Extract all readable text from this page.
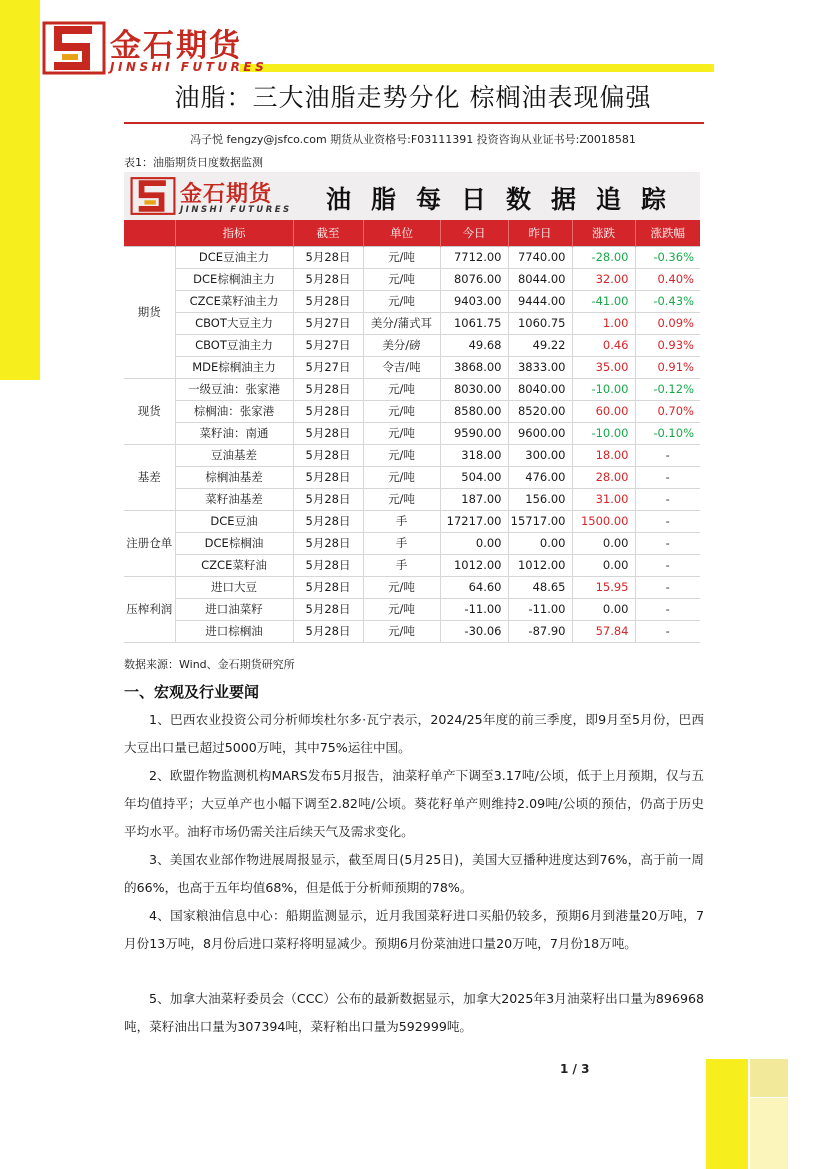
金石期货
JINSHI FUTURES
油脂：三大油脂走势分化 棕榈油表现偏强
冯子悦 fengzy@jsfco.com 期货从业资格号:F03111391 投资咨询从业证书号:Z0018581
表1：油脂期货日度数据监测
金石期货
JINSHI FUTURES 油脂每日数据追踪							

	指标	截至	单位	今日	昨日	涨跌	涨跌幅
期货	DCE豆油主力	5月28日	元/吨	7712.00	7740.00	-28.00	-0.36%
	DCE棕榈油主力	5月28日	元/吨	8076.00	8044.00	32.00	0.40%
	CZCE菜籽油主力	5月28日	元/吨	9403.00	9444.00	-41.00	-0.43%
	CBOT大豆主力	5月27日	美分/蒲式耳	1061.75	1060.75	1.00	0.09%
	CBOT豆油主力	5月27日	美分/磅	49.68	49.22	0.46	0.93%
	MDE棕榈油主力	5月27日	令吉/吨	3868.00	3833.00	35.00	0.91%
现货	一级豆油：张家港	5月28日	元/吨	8030.00	8040.00	-10.00	-0.12%
	棕榈油：张家港	5月28日	元/吨	8580.00	8520.00	60.00	0.70%
	菜籽油：南通	5月28日	元/吨	9590.00	9600.00	-10.00	-0.10%
基差	豆油基差	5月28日	元/吨	318.00	300.00	18.00	-
	棕榈油基差	5月28日	元/吨	504.00	476.00	28.00	-
	菜籽油基差	5月28日	元/吨	187.00	156.00	31.00	-
注册仓单	DCE豆油	5月28日	手	17217.00	15717.00	1500.00	-
	DCE棕榈油	5月28日	手	0.00	0.00	0.00	-
	CZCE菜籽油	5月28日	手	1012.00	1012.00	0.00	-
压榨利润	进口大豆	5月28日	元/吨	64.60	48.65	15.95	-
	进口油菜籽	5月28日	元/吨	-11.00	-11.00	0.00	-
	进口棕榈油	5月28日	元/吨	-30.06	-87.90	57.84	-
数据来源：Wind、金石期货研究所
一、宏观及行业要闻
1、巴西农业投资公司分析师埃杜尔多·瓦宁表示，2024/25年度的前三季度，即9月至5月份，巴西大豆出口量已超过5000万吨，其中75%运往中国。
2、欧盟作物监测机构MARS发布5月报告，油菜籽单产下调至3.17吨/公顷，低于上月预期，仅与五年均值持平；大豆单产也小幅下调至2.82吨/公顷。葵花籽单产则维持2.09吨/公顷的预估，仍高于历史平均水平。油籽市场仍需关注后续天气及需求变化。
3、美国农业部作物进展周报显示，截至周日(5月25日)，美国大豆播种进度达到76%，高于前一周的66%，也高于五年均值68%，但是低于分析师预期的78%。
4、国家粮油信息中心：船期监测显示，近月我国菜籽进口买船仍较多，预期6月到港量20万吨，7月份13万吨，8月份后进口菜籽将明显减少。预期6月份菜油进口量20万吨，7月份18万吨。
5、加拿大油菜籽委员会（CCC）公布的最新数据显示，加拿大2025年3月油菜籽出口量为896968吨，菜籽油出口量为307394吨，菜籽粕出口量为592999吨。
1 / 3
